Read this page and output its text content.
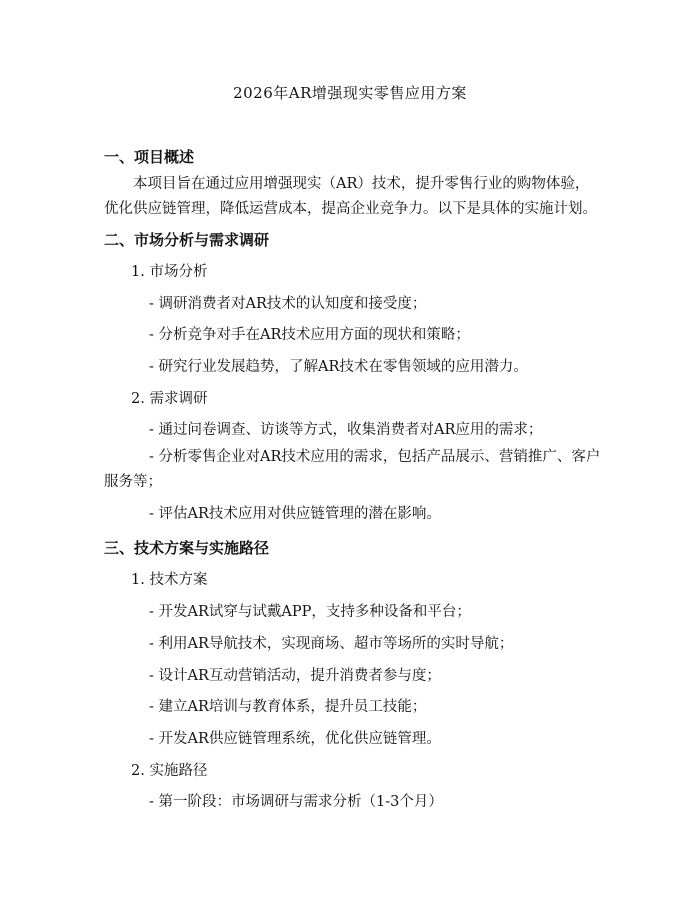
2026年AR增强现实零售应用方案
一、项目概述
本项目旨在通过应用增强现实（AR）技术，提升零售行业的购物体验，优化供应链管理，降低运营成本，提高企业竞争力。以下是具体的实施计划。
二、市场分析与需求调研
1. 市场分析
- 调研消费者对AR技术的认知度和接受度；
- 分析竞争对手在AR技术应用方面的现状和策略；
- 研究行业发展趋势，了解AR技术在零售领域的应用潜力。
2. 需求调研
- 通过问卷调查、访谈等方式，收集消费者对AR应用的需求；
- 分析零售企业对AR技术应用的需求，包括产品展示、营销推广、客户服务等；
- 评估AR技术应用对供应链管理的潜在影响。
三、技术方案与实施路径
1. 技术方案
- 开发AR试穿与试戴APP，支持多种设备和平台；
- 利用AR导航技术，实现商场、超市等场所的实时导航；
- 设计AR互动营销活动，提升消费者参与度；
- 建立AR培训与教育体系，提升员工技能；
- 开发AR供应链管理系统，优化供应链管理。
2. 实施路径
- 第一阶段：市场调研与需求分析（1-3个月）
